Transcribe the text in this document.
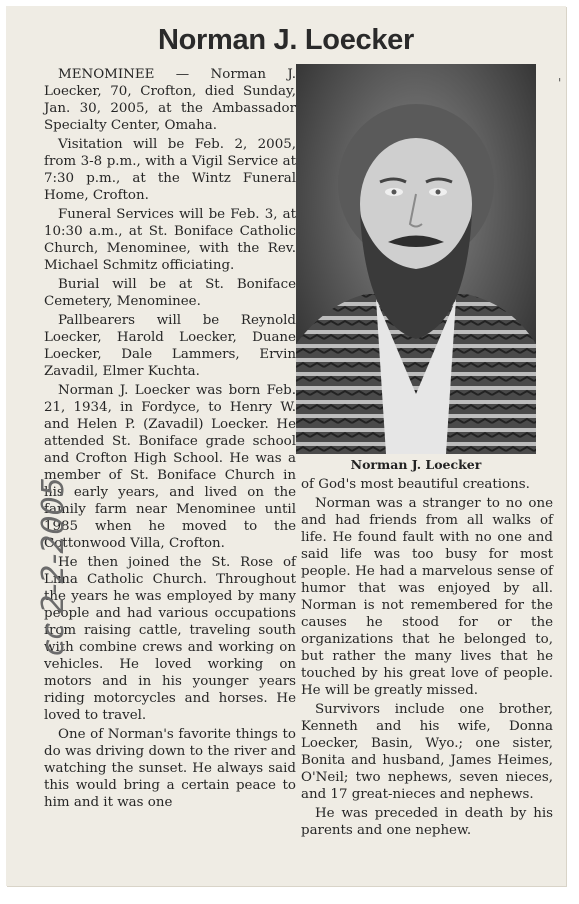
Norman J. Loecker

MENOMINEE — Norman J. Loecker, 70, Crofton, died Sunday, Jan. 30, 2005, at the Ambassador Specialty Center, Omaha.

Visitation will be Feb. 2, 2005, from 3-8 p.m., with a Vigil Service at 7:30 p.m., at the Wintz Funeral Home, Crofton.

Funeral Services will be Feb. 3, at 10:30 a.m., at St. Boniface Catholic Church, Menominee, with the Rev. Michael Schmitz officiating.

Burial will be at St. Boniface Cemetery, Menominee.

Pallbearers will be Reynold Loecker, Harold Loecker, Duane Loecker, Dale Lammers, Ervin Zavadil, Elmer Kuchta.

Norman J. Loecker was born Feb. 21, 1934, in Fordyce, to Henry W. and Helen P. (Zavadil) Loecker. He attended St. Boniface grade school and Crofton High School. He was a member of St. Boniface Church in his early years, and lived on the family farm near Menominee until 1985 when he moved to the Cottonwood Villa, Crofton.

He then joined the St. Rose of Lima Catholic Church. Throughout the years he was employed by many people and had various occupations from raising cattle, traveling south with combine crews and working on vehicles. He loved working on motors and in his younger years riding motorcycles and horses. He loved to travel.

One of Norman's favorite things to do was driving down to the river and watching the sunset. He always said this would bring a certain peace to him and it was one

Norman J. Loecker

of God's most beautiful creations.

Norman was a stranger to no one and had friends from all walks of life. He found fault with no one and said life was too busy for most people. He had a marvelous sense of humor that was enjoyed by all. Norman is not remembered for the causes he stood for or the organizations that he belonged to, but rather the many lives that he touched by his great love of people. He will be greatly missed.

Survivors include one brother, Kenneth and his wife, Donna Loecker, Basin, Wyo.; one sister, Bonita and husband, James Heimes, O'Neil; two nephews, seven nieces, and 17 great-nieces and nephews.

He was preceded in death by his parents and one nephew.

cc 2-2-2005
'
